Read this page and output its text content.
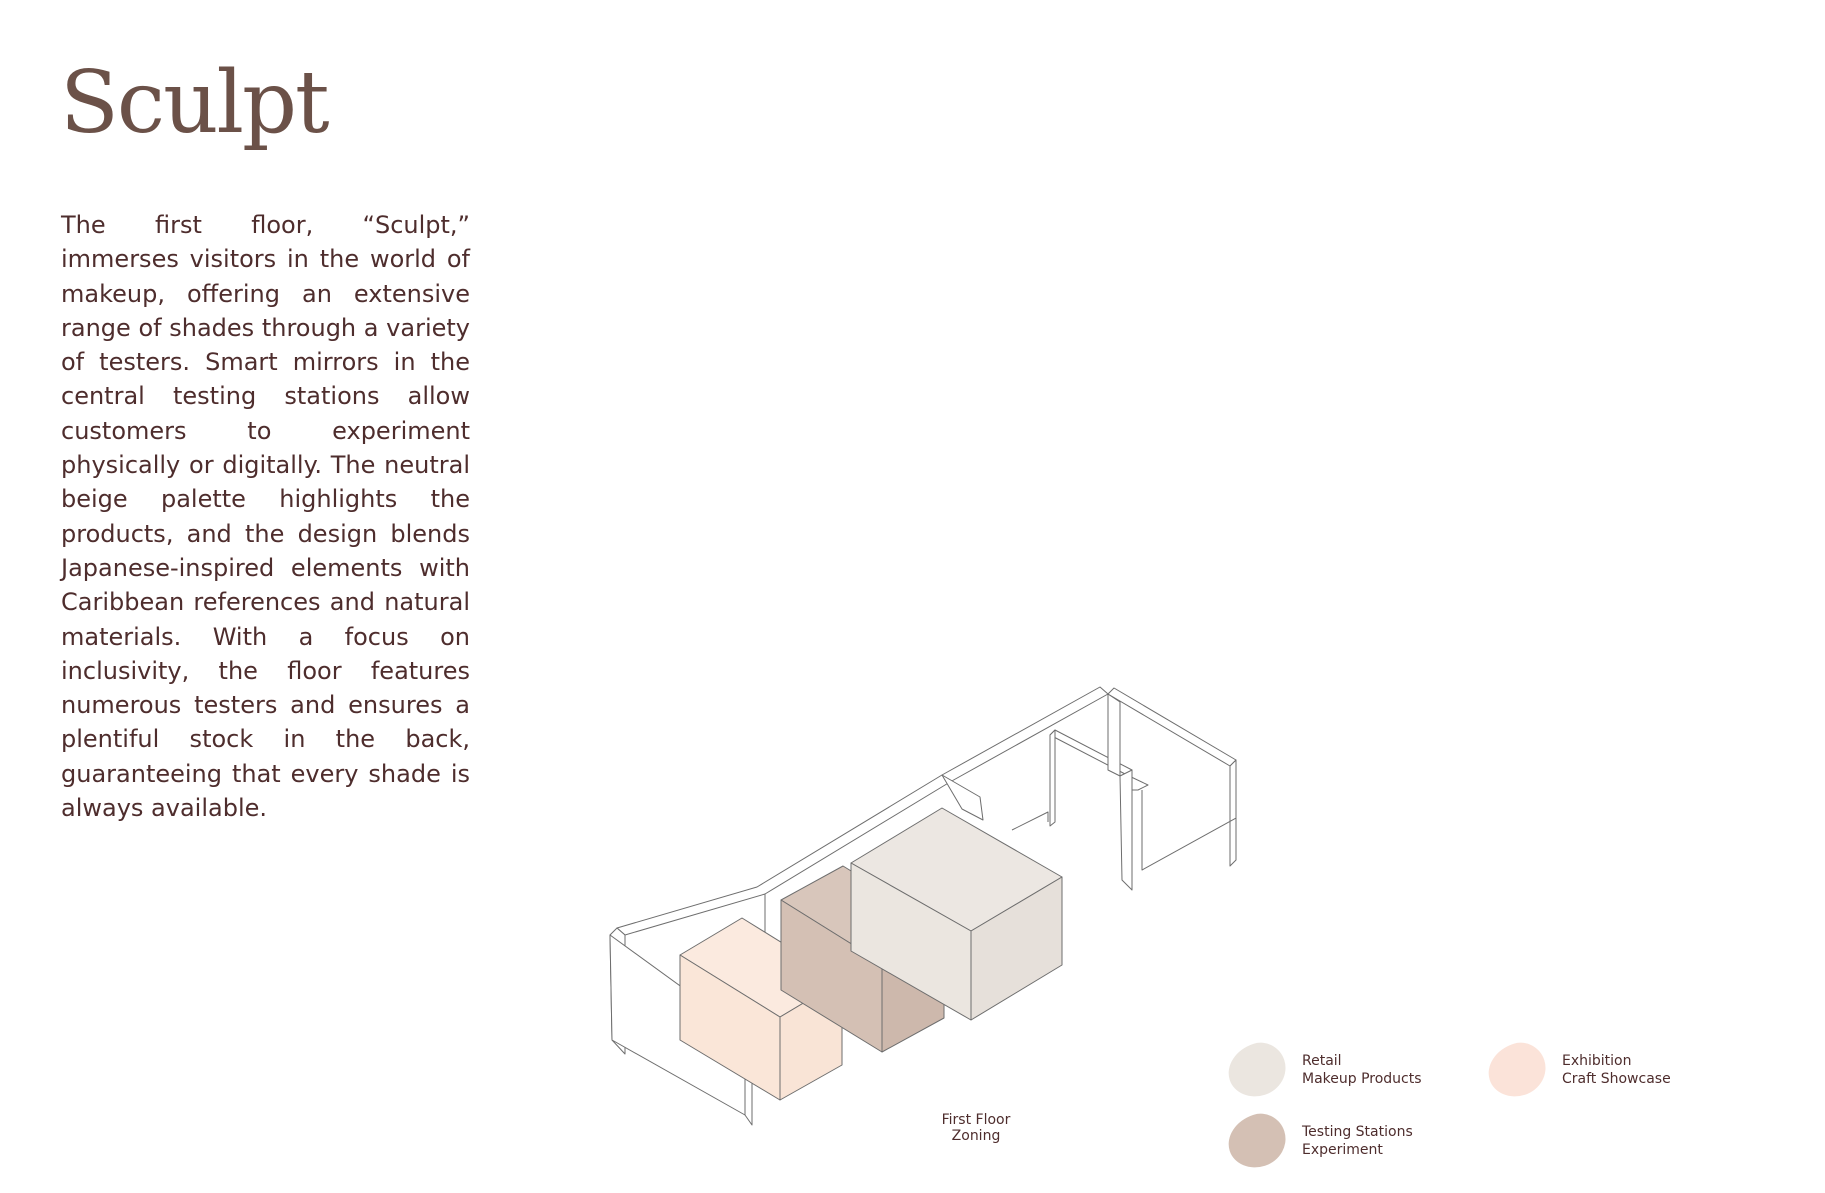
Sculpt

The first floor, “Sculpt,” immerses visitors in the world of makeup, offering an extensive range of shades through a variety of testers. Smart mirrors in the central testing stations allow customers to experiment physically or digitally. The neutral beige palette highlights the products, and the design blends Japanese-inspired elements with Caribbean references and natural materials. With a focus on inclusivity, the floor features numerous testers and ensures a plentiful stock in the back, guaranteeing that every shade is always available.

First Floor Zoning
Retail
Makeup Products
Exhibition
Craft Showcase
Testing Stations
Experiment
